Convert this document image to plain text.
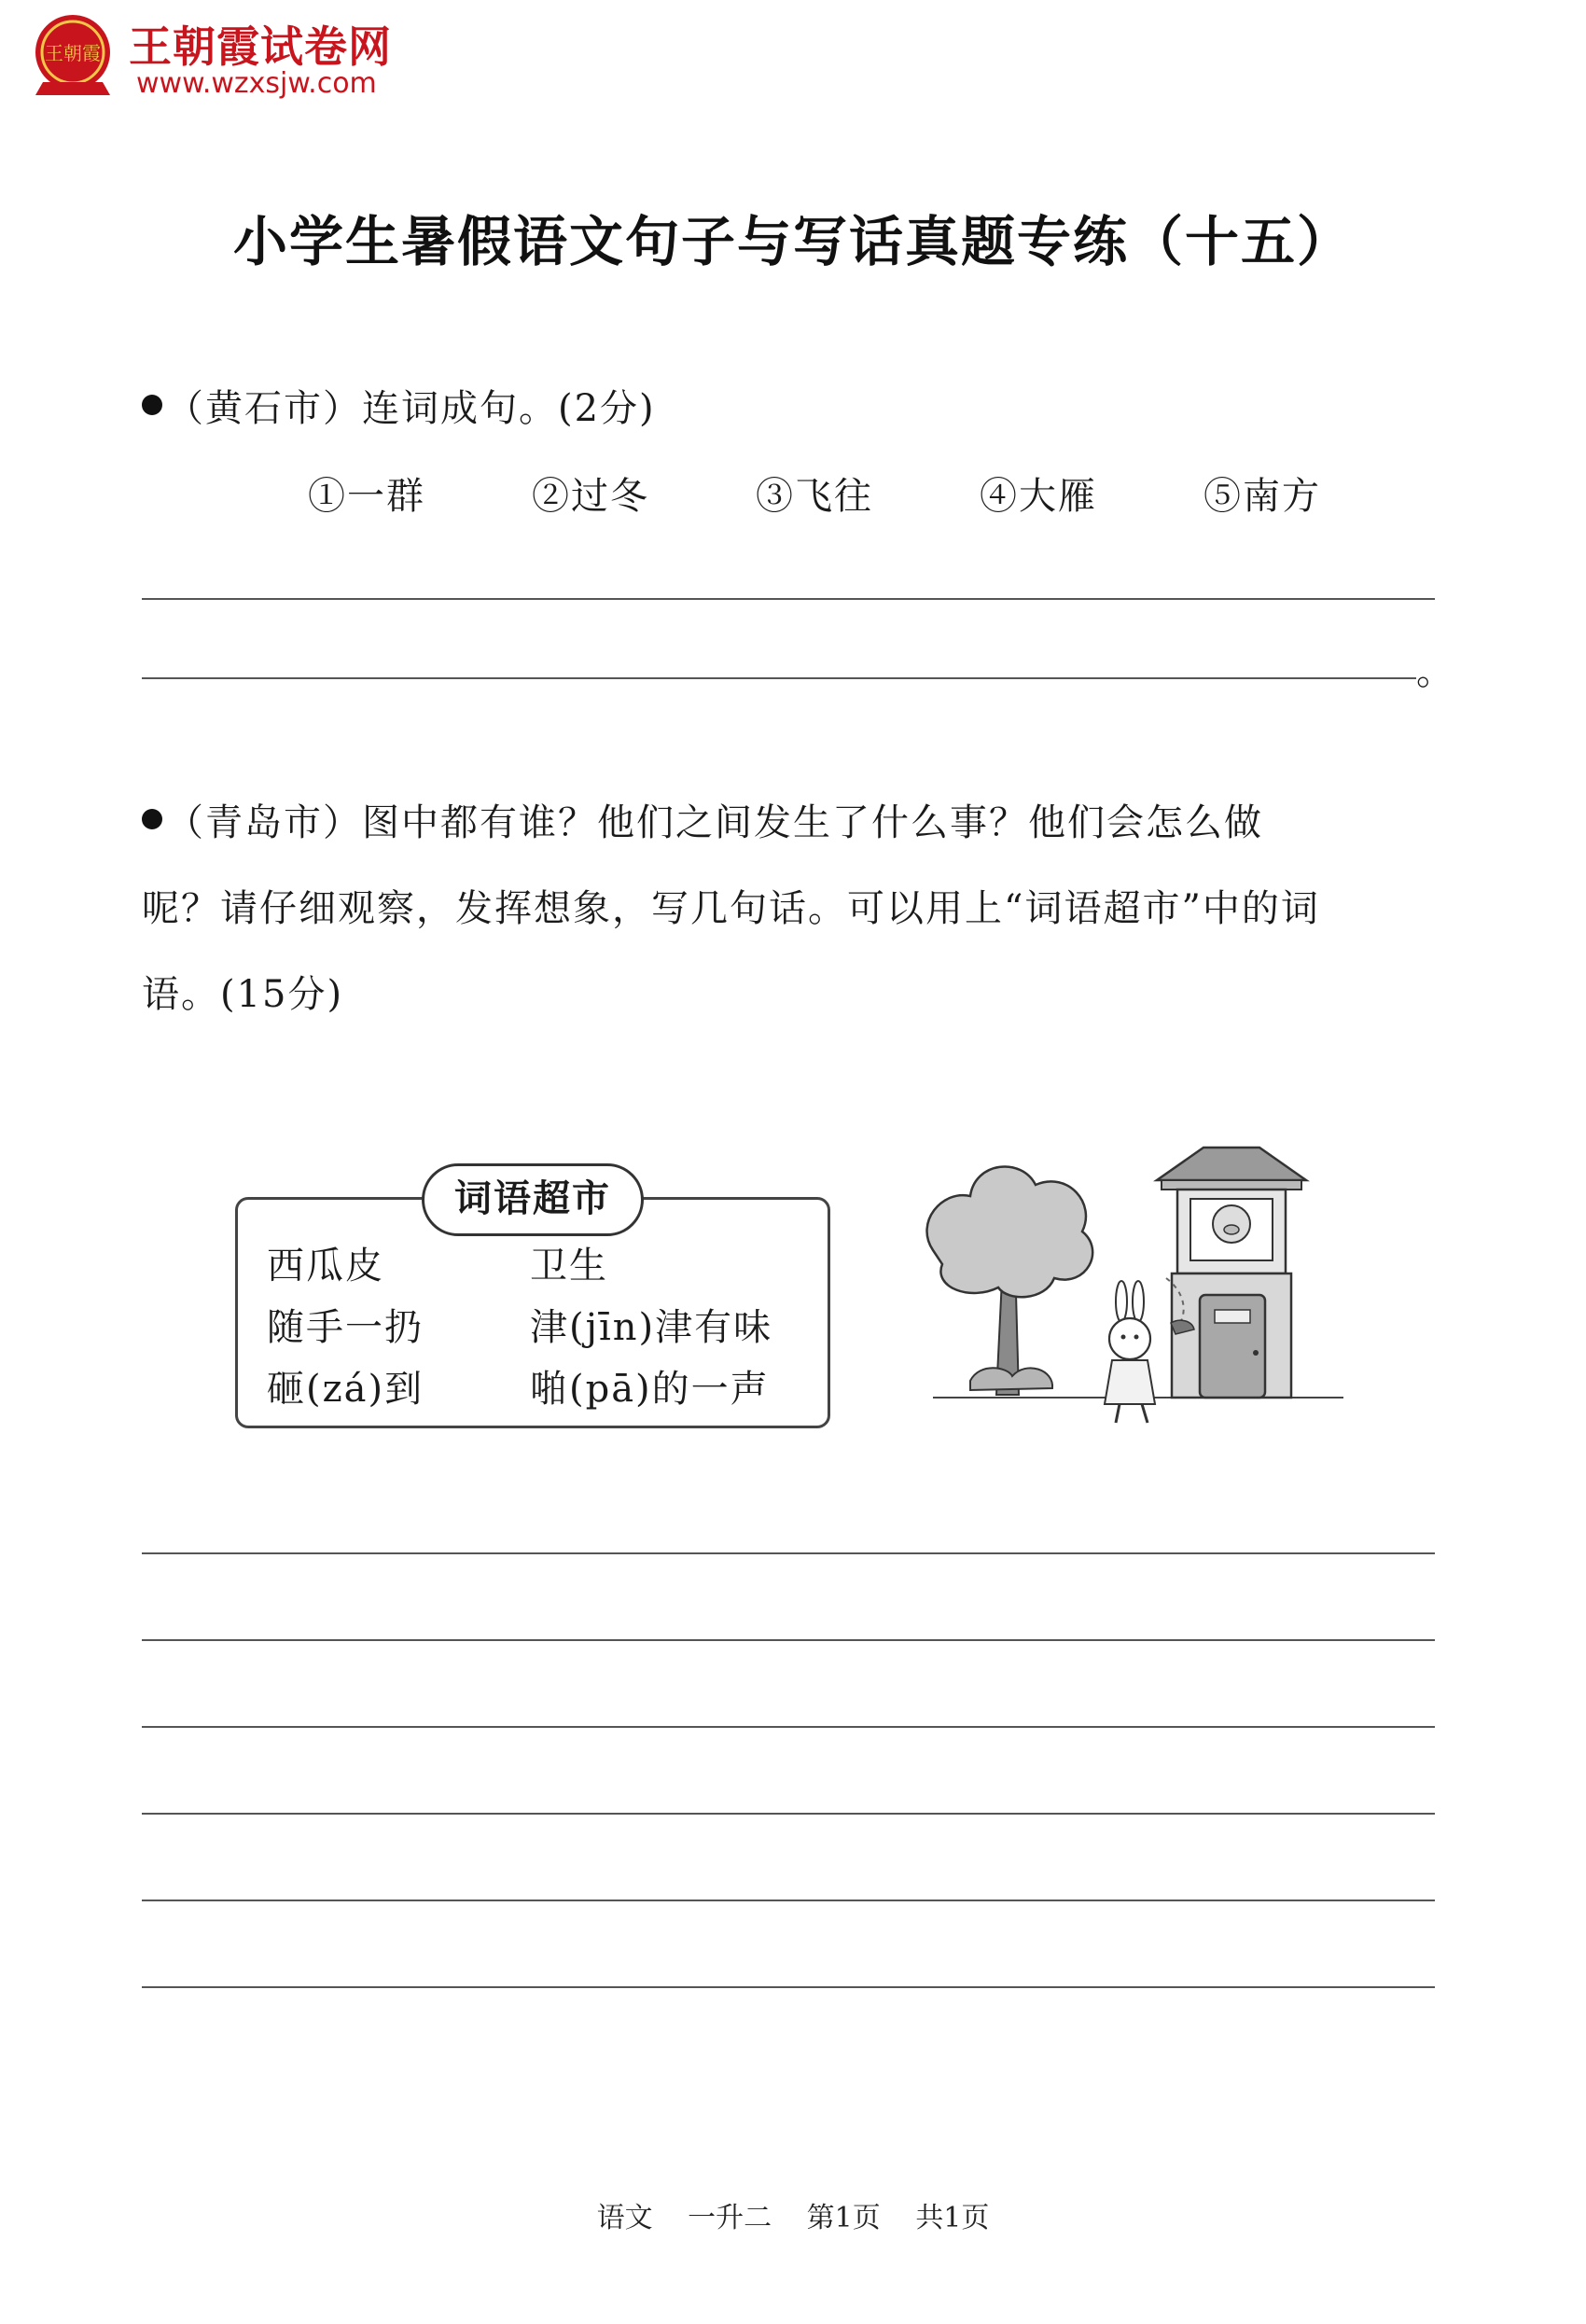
王朝霞 王朝霞试卷网
www.wzxsjw.com
小学生暑假语文句子与写话真题专练（十五）
（黄石市）连词成句。(2分)
①一群	②过冬	③飞往	④大雁	⑤南方
。
（青岛市）图中都有谁？他们之间发生了什么事？他们会怎么做
呢？请仔细观察，发挥想象，写几句话。可以用上“词语超市”中的词
语。(15分)
词语超市
西瓜皮	卫生
随手一扔	津(jīn)津有味
砸(zá)到	啪(pā)的一声
语文 一升二 第1页 共1页
